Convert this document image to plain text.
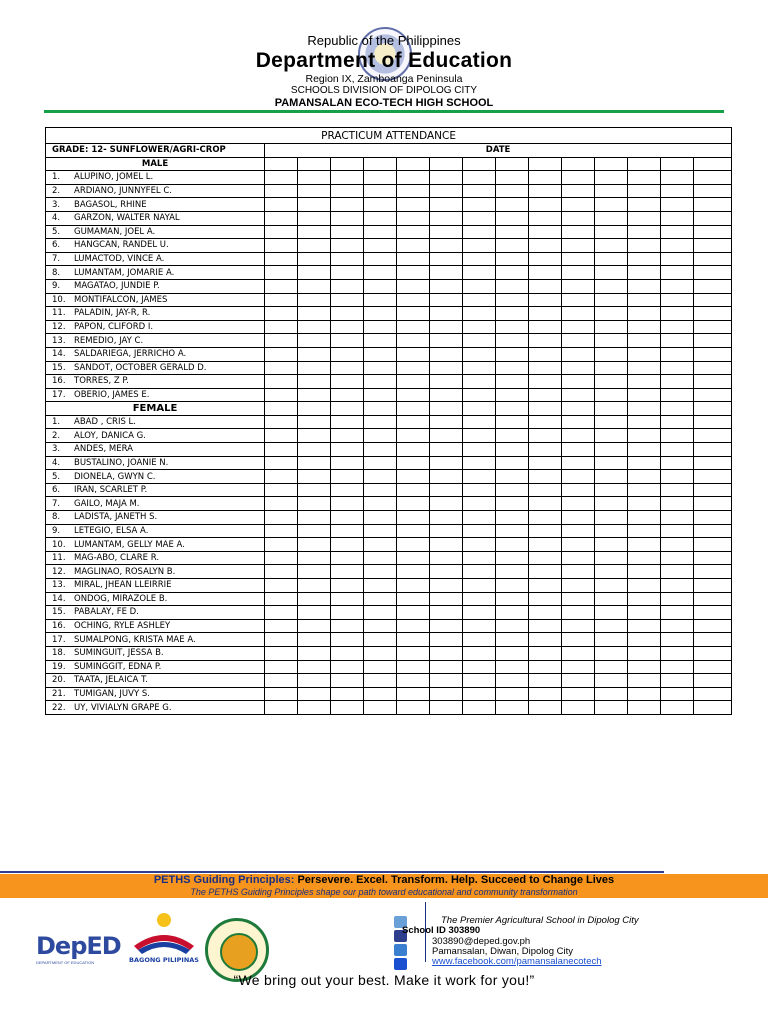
Republic of the Philippines
Department of Education
Region IX, Zamboanga Peninsula
SCHOOLS DIVISION OF DIPOLOG CITY
PAMANSALAN ECO-TECH HIGH SCHOOL
PRACTICUM ATTENDANCE														
GRADE: 12- SUNFLOWER/AGRI-CROP	DATE													
MALE														
1. ALUPINO, JOMEL L.														
2. ARDIANO, JUNNYFEL C.														
3. BAGASOL, RHINE														
4. GARZON, WALTER NAYAL														
5. GUMAMAN, JOEL A.														
6. HANGCAN, RANDEL U.														
7. LUMACTOD, VINCE A.														
8. LUMANTAM, JOMARIE A.														
9. MAGATAO, JUNDIE P.														
10. MONTIFALCON, JAMES														
11. PALADIN, JAY-R, R.														
12. PAPON, CLIFORD I.														
13. REMEDIO, JAY C.														
14. SALDARIEGA, JERRICHO A.														
15. SANDOT, OCTOBER GERALD D.														
16. TORRES, Z P.														
17. OBERIO, JAMES E.														
FEMALE														
1. ABAD , CRIS L.														
2. ALOY, DANICA G.														
3. ANDES, MERA														
4. BUSTALINO, JOANIE N.														
5. DIONELA, GWYN C.														
6. IRAN, SCARLET P.														
7. GAILO, MAJA M.														
8. LADISTA, JANETH S.														
9. LETEGIO, ELSA A.														
10. LUMANTAM, GELLY MAE A.														
11. MAG-ABO, CLARE R.														
12. MAGLINAO, ROSALYN B.														
13. MIRAL, JHEAN LLEIRRIE														
14. ONDOG, MIRAZOLE B.														
15. PABALAY, FE D.														
16. OCHING, RYLE ASHLEY														
17. SUMALPONG, KRISTA MAE A.														
18. SUMINGUIT, JESSA B.														
19. SUMINGGIT, EDNA P.														
20. TAATA, JELAICA T.														
21. TUMIGAN, JUVY S.														
22. UY, VIVIALYN GRAPE G.														
PETHS Guiding Principles: Persevere. Excel. Transform. Help. Succeed to Change Lives
The PETHS Guiding Principles shape our path toward educational and community transformation
DepED
DEPARTMENT OF EDUCATION	BAGONG PILIPINAS
The Premier Agricultural School in Dipolog City
School ID 303890
303890@deped.gov.ph
Pamansalan, Diwan, Dipolog City
www.facebook.com/pamansalanecotech
“We bring out your best. Make it work for you!”
